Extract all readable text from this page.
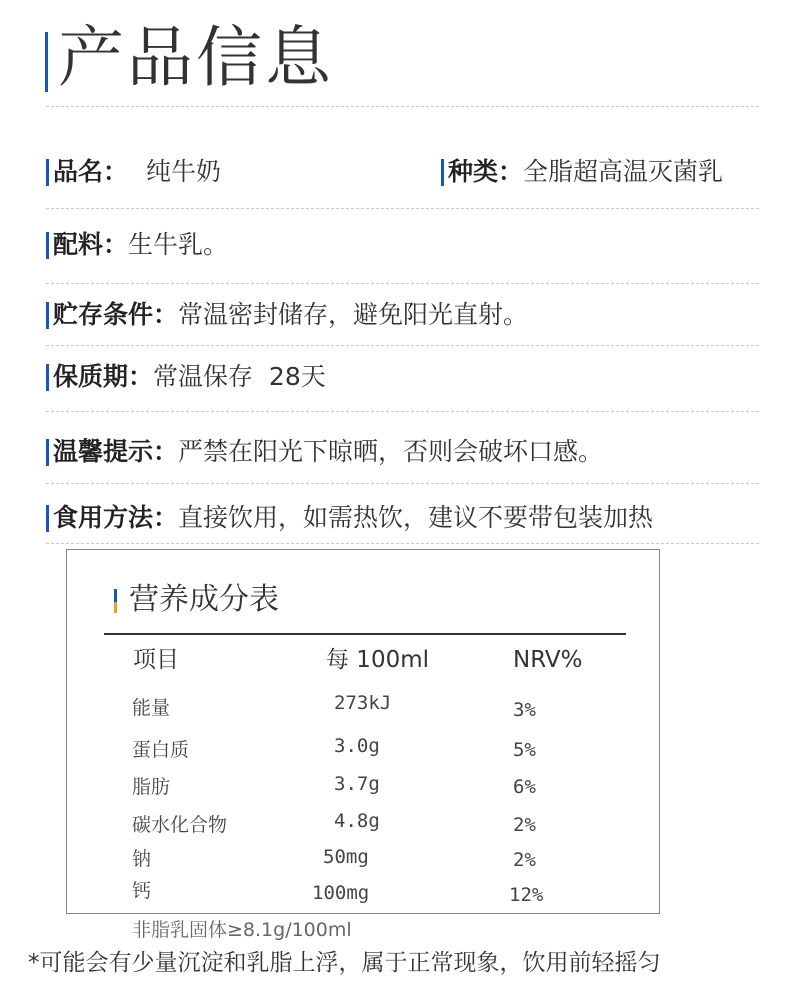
产品信息
品名： 纯牛奶	种类：全脂超高温灭菌乳
配料：生牛乳。
贮存条件：常温密封储存，避免阳光直射。
保质期：常温保存  28天
温馨提示：严禁在阳光下晾晒，否则会破坏口感。
食用方法：直接饮用，如需热饮，建议不要带包装加热
营养成分表
项目	每 100ml	NRV%
能量	273kJ	3%
蛋白质	3.0g	5%
脂肪	3.7g	6%
碳水化合物	4.8g	2%
钠	50mg	2%
钙	100mg	12%
非脂乳固体≥8.1g/100ml
*可能会有少量沉淀和乳脂上浮，属于正常现象，饮用前轻摇匀
